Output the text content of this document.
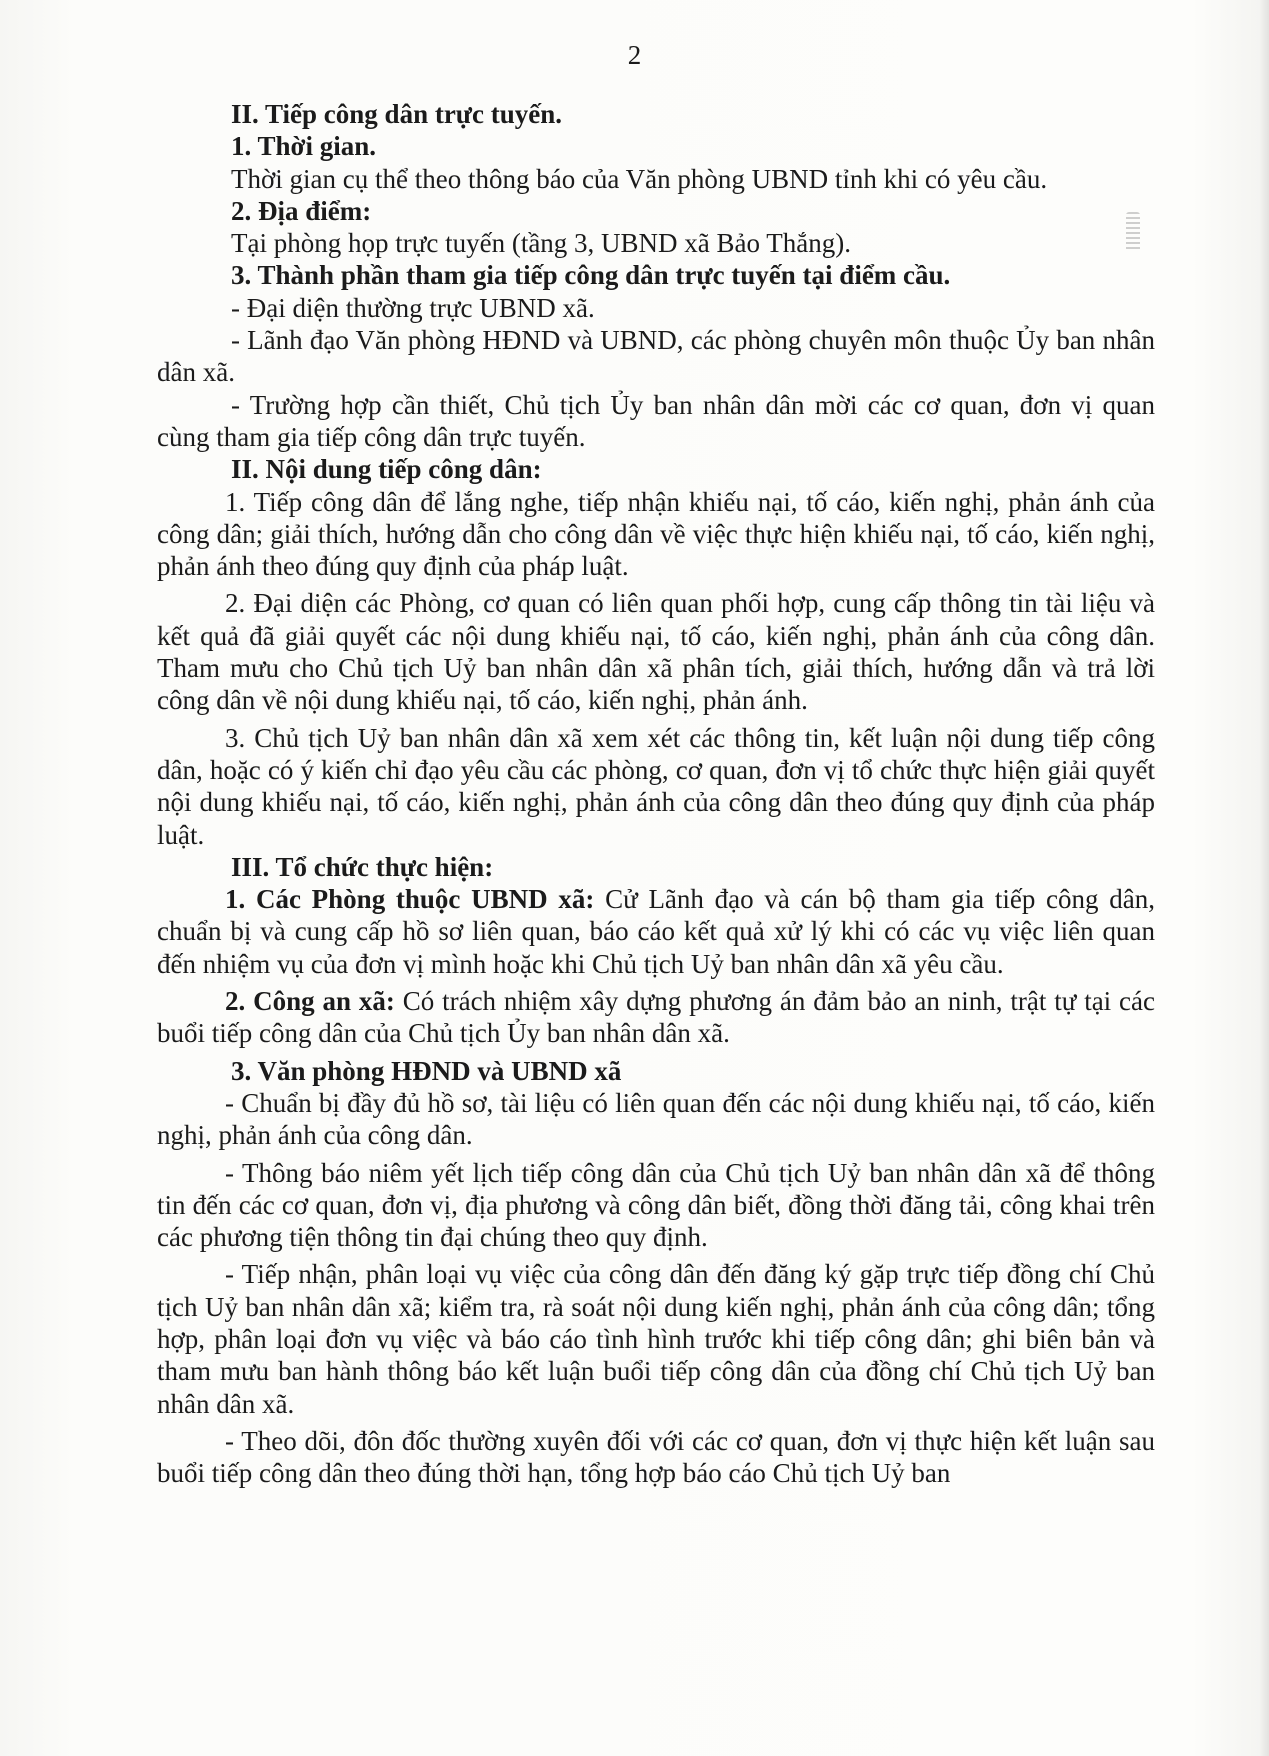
2

II. Tiếp công dân trực tuyến.

1. Thời gian.

Thời gian cụ thể theo thông báo của Văn phòng UBND tỉnh khi có yêu cầu.

2. Địa điểm:

Tại phòng họp trực tuyến (tầng 3, UBND xã Bảo Thắng).

3. Thành phần tham gia tiếp công dân trực tuyến tại điểm cầu.

- Đại diện thường trực UBND xã.

- Lãnh đạo Văn phòng HĐND và UBND, các phòng chuyên môn thuộc Ủy ban nhân dân xã.

- Trường hợp cần thiết, Chủ tịch Ủy ban nhân dân mời các cơ quan, đơn vị quan cùng tham gia tiếp công dân trực tuyến.

II. Nội dung tiếp công dân:

1. Tiếp công dân để lắng nghe, tiếp nhận khiếu nại, tố cáo, kiến nghị, phản ánh của công dân; giải thích, hướng dẫn cho công dân về việc thực hiện khiếu nại, tố cáo, kiến nghị, phản ánh theo đúng quy định của pháp luật.

2. Đại diện các Phòng, cơ quan có liên quan phối hợp, cung cấp thông tin tài liệu và kết quả đã giải quyết các nội dung khiếu nại, tố cáo, kiến nghị, phản ánh của công dân. Tham mưu cho Chủ tịch Uỷ ban nhân dân xã phân tích, giải thích, hướng dẫn và trả lời công dân về nội dung khiếu nại, tố cáo, kiến nghị, phản ánh.

3. Chủ tịch Uỷ ban nhân dân xã xem xét các thông tin, kết luận nội dung tiếp công dân, hoặc có ý kiến chỉ đạo yêu cầu các phòng, cơ quan, đơn vị tổ chức thực hiện giải quyết nội dung khiếu nại, tố cáo, kiến nghị, phản ánh của công dân theo đúng quy định của pháp luật.

III. Tổ chức thực hiện:

1. Các Phòng thuộc UBND xã: Cử Lãnh đạo và cán bộ tham gia tiếp công dân, chuẩn bị và cung cấp hồ sơ liên quan, báo cáo kết quả xử lý khi có các vụ việc liên quan đến nhiệm vụ của đơn vị mình hoặc khi Chủ tịch Uỷ ban nhân dân xã yêu cầu.

2. Công an xã: Có trách nhiệm xây dựng phương án đảm bảo an ninh, trật tự tại các buổi tiếp công dân của Chủ tịch Ủy ban nhân dân xã.

3. Văn phòng HĐND và UBND xã

- Chuẩn bị đầy đủ hồ sơ, tài liệu có liên quan đến các nội dung khiếu nại, tố cáo, kiến nghị, phản ánh của công dân.

- Thông báo niêm yết lịch tiếp công dân của Chủ tịch Uỷ ban nhân dân xã để thông tin đến các cơ quan, đơn vị, địa phương và công dân biết, đồng thời đăng tải, công khai trên các phương tiện thông tin đại chúng theo quy định.

- Tiếp nhận, phân loại vụ việc của công dân đến đăng ký gặp trực tiếp đồng chí Chủ tịch Uỷ ban nhân dân xã; kiểm tra, rà soát nội dung kiến nghị, phản ánh của công dân; tổng hợp, phân loại đơn vụ việc và báo cáo tình hình trước khi tiếp công dân; ghi biên bản và tham mưu ban hành thông báo kết luận buổi tiếp công dân của đồng chí Chủ tịch Uỷ ban nhân dân xã.

- Theo dõi, đôn đốc thường xuyên đối với các cơ quan, đơn vị thực hiện kết luận sau buổi tiếp công dân theo đúng thời hạn, tổng hợp báo cáo Chủ tịch Uỷ ban
